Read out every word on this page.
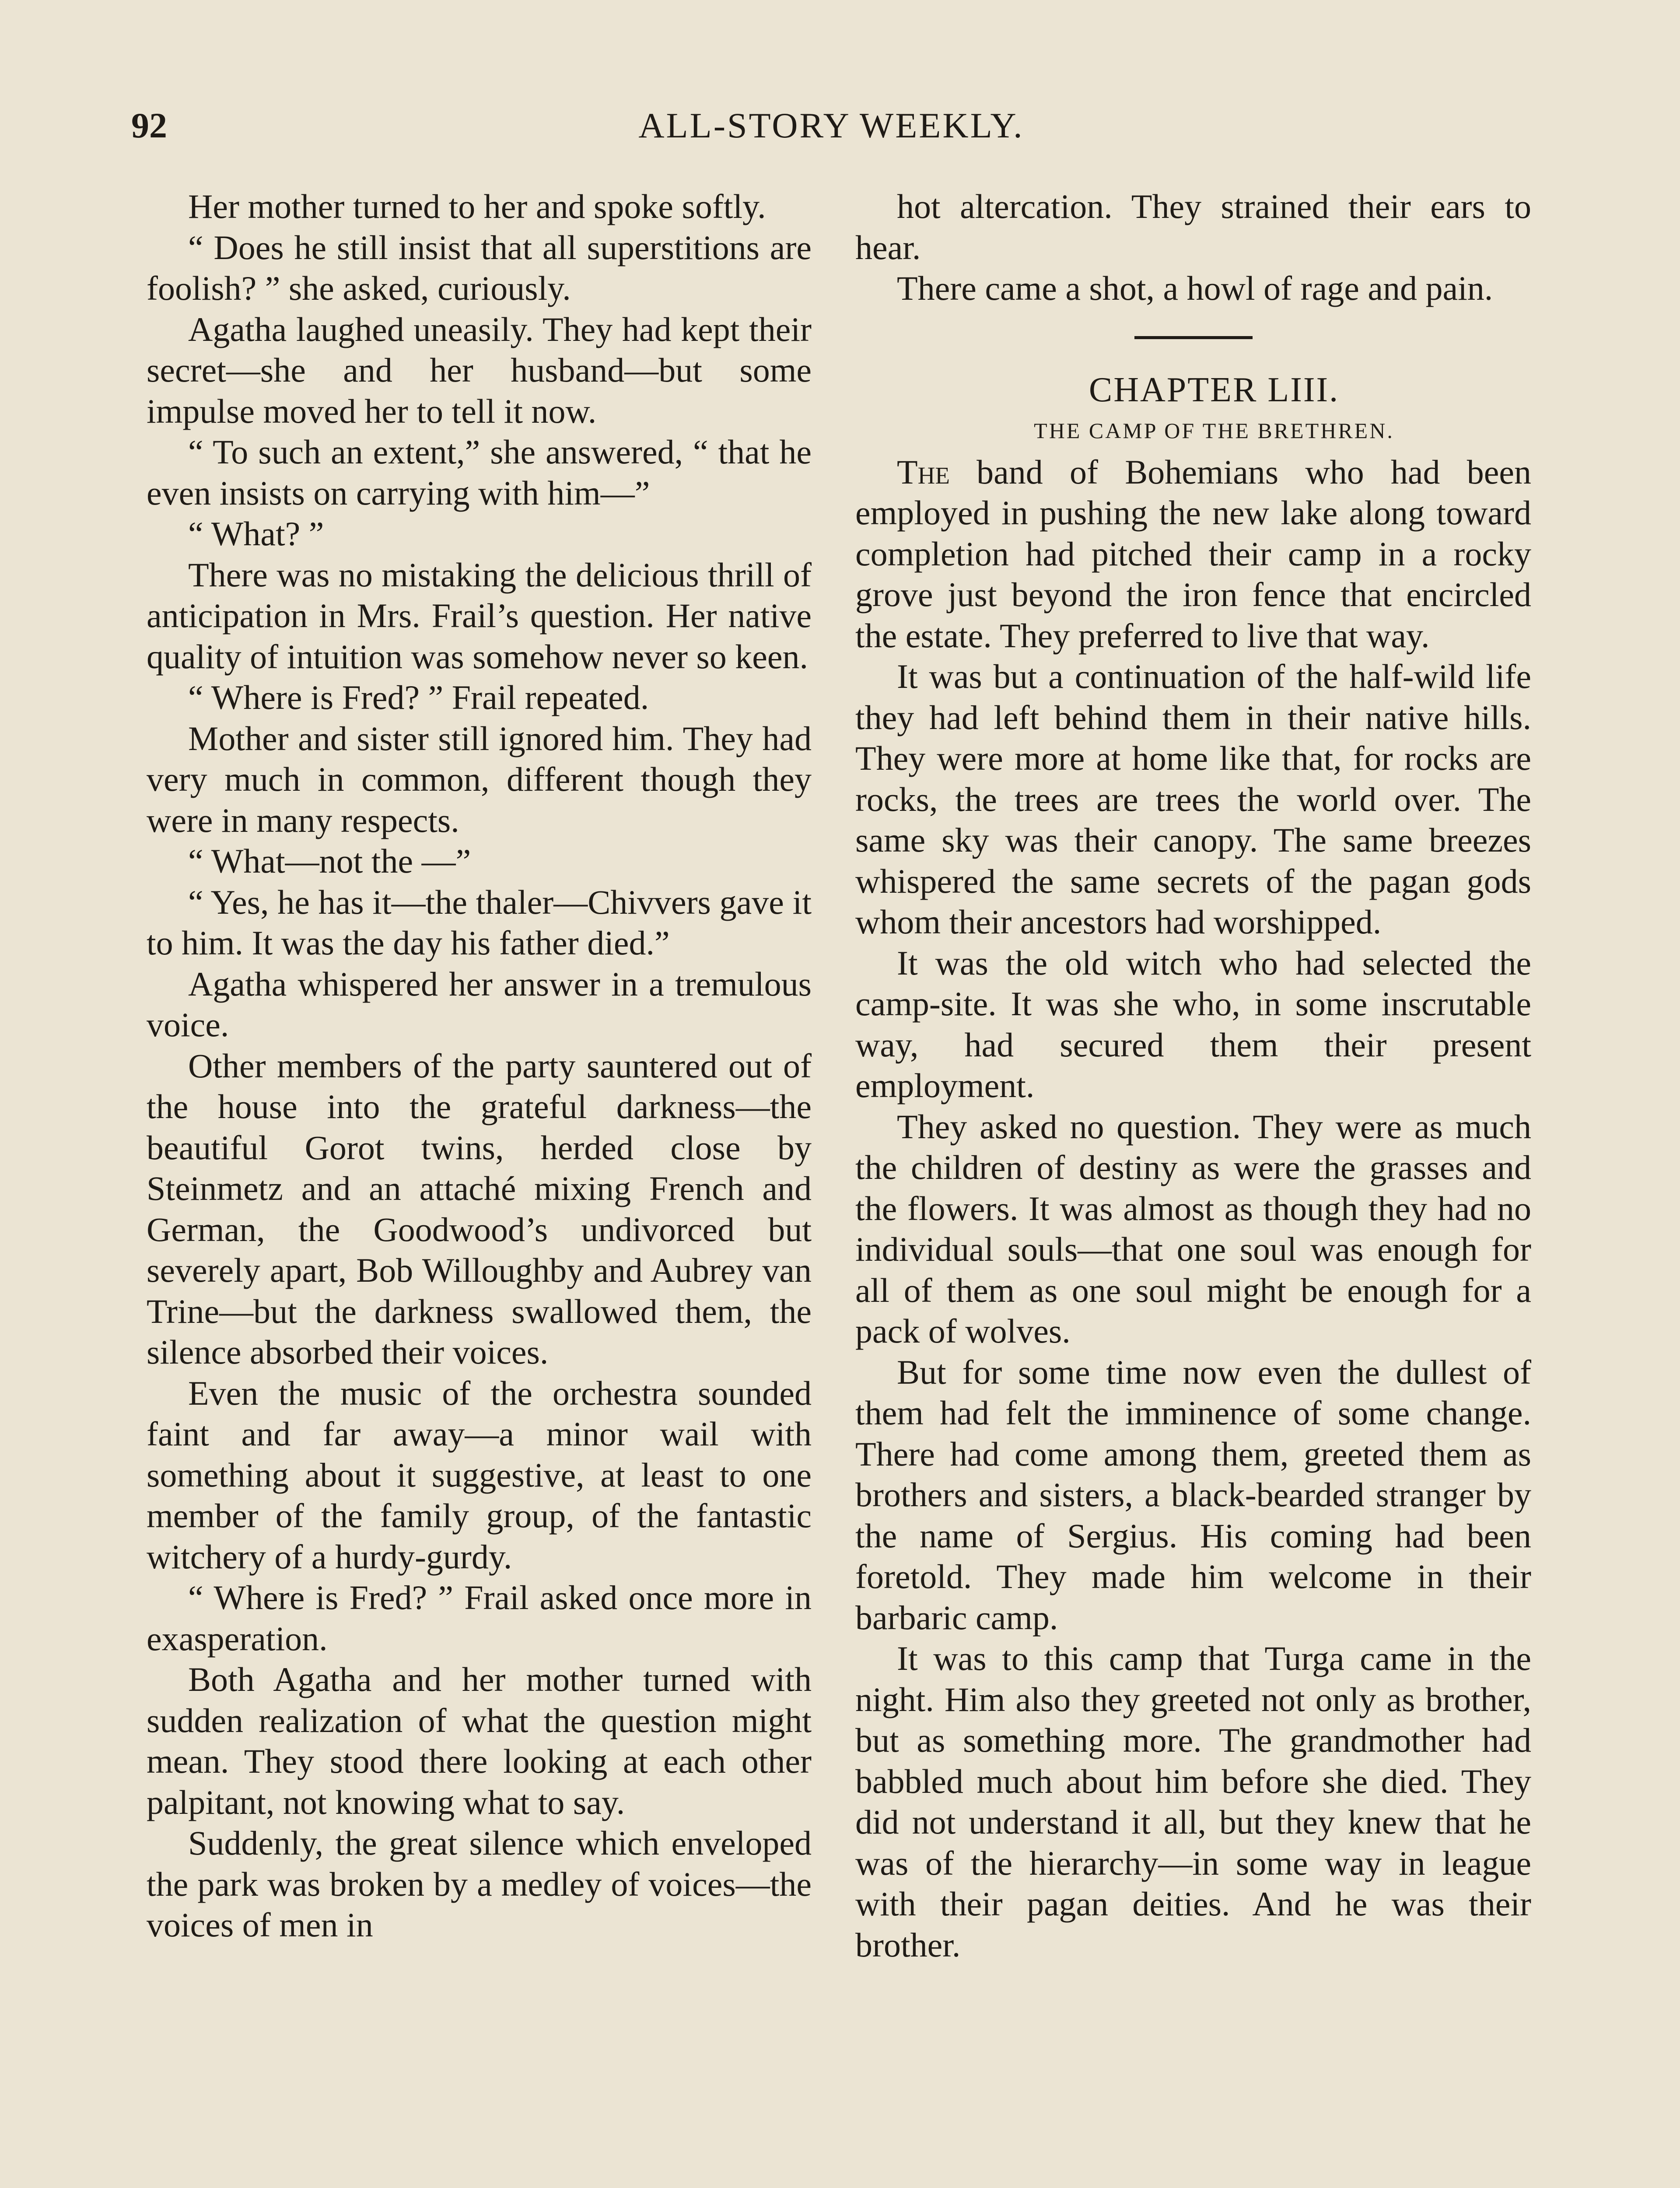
92	ALL-STORY WEEKLY.

Her mother turned to her and spoke softly.

“ Does he still insist that all superstitions are foolish? ” she asked, curiously.

Agatha laughed uneasily. They had kept their secret—she and her husband—but some impulse moved her to tell it now.

“ To such an extent,” she answered, “ that he even insists on carrying with him—”

“ What? ”

There was no mistaking the delicious thrill of anticipation in Mrs. Frail’s question. Her native quality of intuition was somehow never so keen.

“ Where is Fred? ” Frail repeated.

Mother and sister still ignored him. They had very much in common, different though they were in many respects.

“ What—not the —”

“ Yes, he has it—the thaler—Chivvers gave it to him. It was the day his father died.”

Agatha whispered her answer in a tremulous voice.

Other members of the party sauntered out of the house into the grateful darkness—the beautiful Gorot twins, herded close by Steinmetz and an attaché mixing French and German, the Goodwood’s undivorced but severely apart, Bob Willoughby and Aubrey van Trine—but the darkness swallowed them, the silence absorbed their voices.

Even the music of the orchestra sounded faint and far away—a minor wail with something about it suggestive, at least to one member of the family group, of the fantastic witchery of a hurdy-gurdy.

“ Where is Fred? ” Frail asked once more in exasperation.

Both Agatha and her mother turned with sudden realization of what the question might mean. They stood there looking at each other palpitant, not knowing what to say.

Suddenly, the great silence which enveloped the park was broken by a medley of voices—the voices of men in

hot altercation. They strained their ears to hear.

There came a shot, a howl of rage and pain.

CHAPTER LIII.

THE CAMP OF THE BRETHREN.

The band of Bohemians who had been employed in pushing the new lake along toward completion had pitched their camp in a rocky grove just beyond the iron fence that encircled the estate. They preferred to live that way.

It was but a continuation of the half-wild life they had left behind them in their native hills. They were more at home like that, for rocks are rocks, the trees are trees the world over. The same sky was their canopy. The same breezes whispered the same secrets of the pagan gods whom their ancestors had worshipped.

It was the old witch who had selected the camp-site. It was she who, in some inscrutable way, had secured them their present employment.

They asked no question. They were as much the children of destiny as were the grasses and the flowers. It was almost as though they had no individual souls—that one soul was enough for all of them as one soul might be enough for a pack of wolves.

But for some time now even the dullest of them had felt the imminence of some change. There had come among them, greeted them as brothers and sisters, a black-bearded stranger by the name of Sergius. His coming had been foretold. They made him welcome in their barbaric camp.

It was to this camp that Turga came in the night. Him also they greeted not only as brother, but as something more. The grandmother had babbled much about him before she died. They did not understand it all, but they knew that he was of the hierarchy—in some way in league with their pagan deities. And he was their brother.
